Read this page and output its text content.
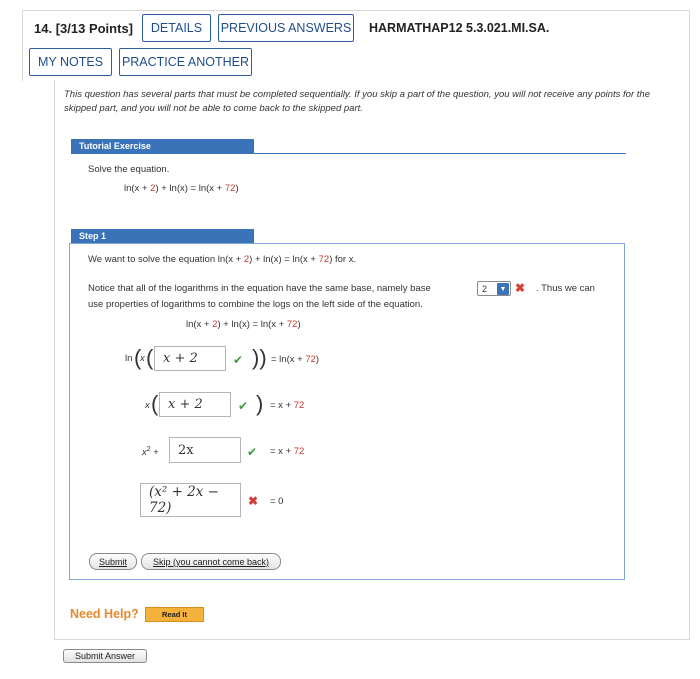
14. [3/13 Points]	DETAILS	PREVIOUS ANSWERS HARMATHAP12 5.3.021.MI.SA.
MY NOTES	PRACTICE ANOTHER
This question has several parts that must be completed sequentially. If you skip a part of the question, you will not receive any points for the skipped part, and you will not be able to come back to the skipped part.
Tutorial Exercise
Solve the equation.
ln(x + 2) + ln(x) = ln(x + 72)
Step 1
We want to solve the equation ln(x + 2) + ln(x) = ln(x + 72) for x.
Notice that all of the logarithms in the equation have the same base, namely base	2	▼ ✖ . Thus we can
use properties of logarithms to combine the logs on the left side of the equation.
ln(x + 2) + ln(x) = ln(x + 72)
ln (
x ( x + 2	✔ )) = ln(x + 72)
x ( x + 2	✔ ) = x + 72
$x^2$ +	2x	✔ = x + 72
(x² + 2x − 72)	✖ = 0
Submit	Skip (you cannot come back)
Need Help?	Read It
Submit Answer
